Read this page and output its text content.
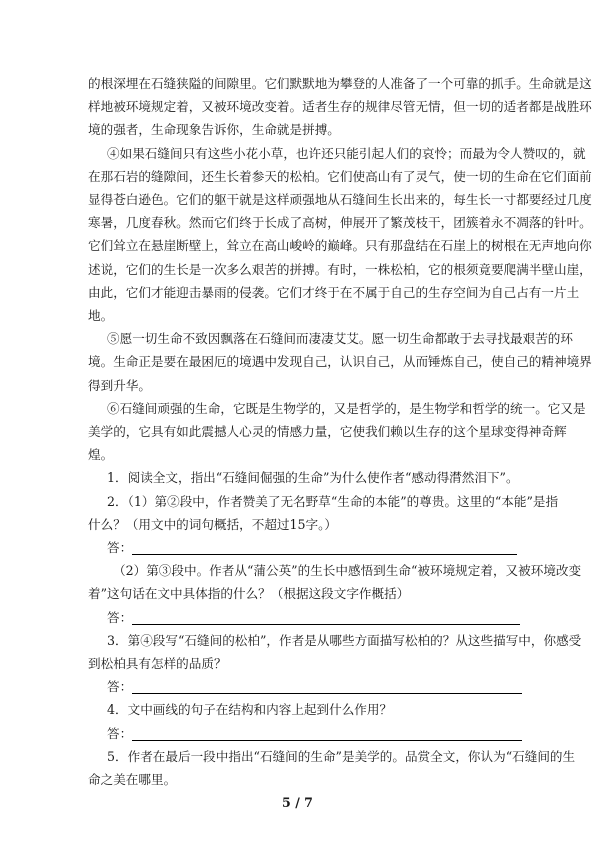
的根深埋在石缝狭隘的间隙里。它们默默地为攀登的人准备了一个可靠的抓手。生命就是这
样地被环境规定着，又被环境改变着。适者生存的规律尽管无情，但一切的适者都是战胜环
境的强者，生命现象告诉你，生命就是拼搏。
④如果石缝间只有这些小花小草，也许还只能引起人们的哀怜；而最为令人赞叹的，就
在那石岩的缝隙间，还生长着参天的松柏。它们使高山有了灵气，使一切的生命在它们面前
显得苍白逊色。它们的躯干就是这样顽强地从石缝间生长出来的，每生长一寸都要经过几度
寒暑，几度春秋。然而它们终于长成了高树，伸展开了繁茂枝干，团簇着永不凋落的针叶。
它们耸立在悬崖断壁上，耸立在高山峻岭的巅峰。只有那盘结在石崖上的树根在无声地向你
述说，它们的生长是一次多么艰苦的拼搏。有时，一株松柏，它的根须竟要爬满半壁山崖，
由此，它们才能迎击暴雨的侵袭。它们才终于在不属于自己的生存空间为自己占有一片土
地。
⑤愿一切生命不致因飘落在石缝间而凄凄艾艾。愿一切生命都敢于去寻找最艰苦的环
境。生命正是要在最困厄的境遇中发现自己，认识自己，从而锤炼自己，使自己的精神境界
得到升华。
⑥石缝间顽强的生命，它既是生物学的，又是哲学的，是生物学和哲学的统一。它又是
美学的，它具有如此震撼人心灵的情感力量，它使我们赖以生存的这个星球变得神奇辉
煌。
1．阅读全文，指出“石缝间倔强的生命”为什么使作者“感动得潸然泪下”。
2．（1）第②段中，作者赞美了无名野草“生命的本能”的尊贵。这里的“本能”是指
什么？（用文中的词句概括，不超过15字。）
答：
（2）第③段中。作者从“蒲公英”的生长中感悟到生命“被环境规定着，又被环境改变
着”这句话在文中具体指的什么？（根据这段文字作概括）
答：
3．第④段写“石缝间的松柏”，作者是从哪些方面描写松柏的？从这些描写中，你感受
到松柏具有怎样的品质？
答：
4．文中画线的句子在结构和内容上起到什么作用？
答：
5．作者在最后一段中指出“石缝间的生命”是美学的。品赏全文，你认为“石缝间的生
命之美在哪里。
5 / 7
